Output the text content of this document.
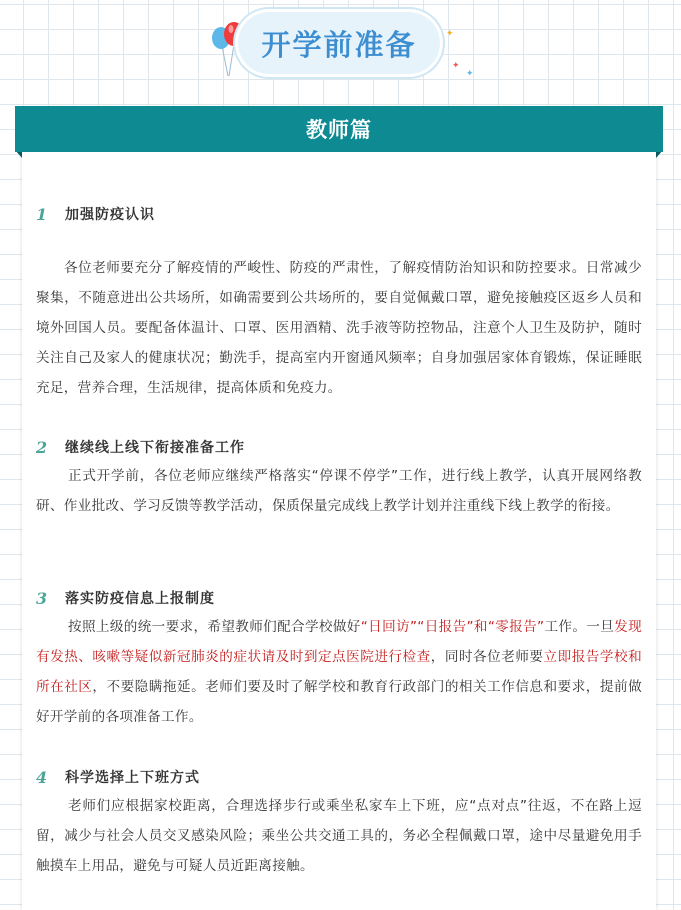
开学前准备	✦
✦
✦
教师篇
1	加强防疫认识

各位老师要充分了解疫情的严峻性、防疫的严肃性，了解疫情防治知识和防控要求。日常减少聚集，不随意进出公共场所，如确需要到公共场所的，要自觉佩戴口罩，避免接触疫区返乡人员和境外回国人员。要配备体温计、口罩、医用酒精、洗手液等防控物品，注意个人卫生及防护，随时关注自己及家人的健康状况；勤洗手，提高室内开窗通风频率；自身加强居家体育锻炼，保证睡眠充足，营养合理，生活规律，提高体质和免疫力。

2	继续线上线下衔接准备工作

正式开学前，各位老师应继续严格落实“停课不停学”工作，进行线上教学，认真开展网络教研、作业批改、学习反馈等教学活动，保质保量完成线上教学计划并注重线下线上教学的衔接。

3	落实防疫信息上报制度

按照上级的统一要求，希望教师们配合学校做好“日回访”“日报告”和“零报告”工作。一旦发现有发热、咳嗽等疑似新冠肺炎的症状请及时到定点医院进行检查，同时各位老师要立即报告学校和所在社区，不要隐瞒拖延。老师们要及时了解学校和教育行政部门的相关工作信息和要求，提前做好开学前的各项准备工作。

4	科学选择上下班方式

老师们应根据家校距离，合理选择步行或乘坐私家车上下班，应“点对点”往返，不在路上逗留，减少与社会人员交叉感染风险；乘坐公共交通工具的，务必全程佩戴口罩，途中尽量避免用手触摸车上用品，避免与可疑人员近距离接触。
